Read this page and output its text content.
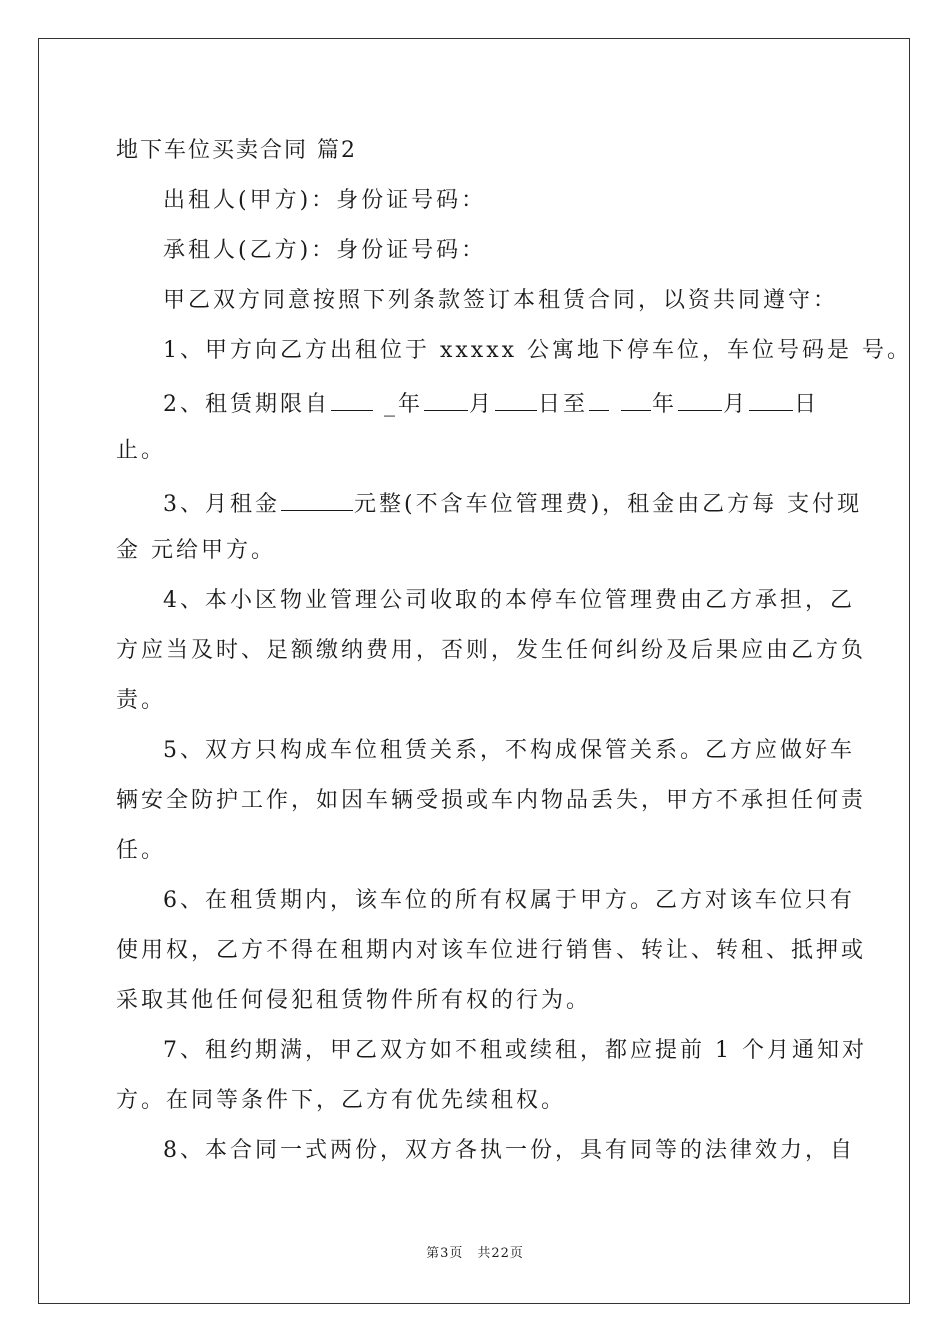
地下车位买卖合同 篇2
出租人(甲方)：身份证号码：
承租人(乙方)：身份证号码：
甲乙双方同意按照下列条款签订本租赁合同，以资共同遵守：
1、甲方向乙方出租位于 xxxxx 公寓地下停车位，车位号码是 号。
2、租赁期限自 _年 月 日至	年 月 日
止。
3、月租金	元整(不含车位管理费)，租金由乙方每 支付现
金 元给甲方。
4、本小区物业管理公司收取的本停车位管理费由乙方承担，乙
方应当及时、足额缴纳费用，否则，发生任何纠纷及后果应由乙方负
责。
5、双方只构成车位租赁关系，不构成保管关系。乙方应做好车
辆安全防护工作，如因车辆受损或车内物品丢失，甲方不承担任何责
任。
6、在租赁期内，该车位的所有权属于甲方。乙方对该车位只有
使用权，乙方不得在租期内对该车位进行销售、转让、转租、抵押或
采取其他任何侵犯租赁物件所有权的行为。
7、租约期满，甲乙双方如不租或续租，都应提前 1 个月通知对
方。在同等条件下，乙方有优先续租权。
8、本合同一式两份，双方各执一份，具有同等的法律效力，自
第3页　共22页
